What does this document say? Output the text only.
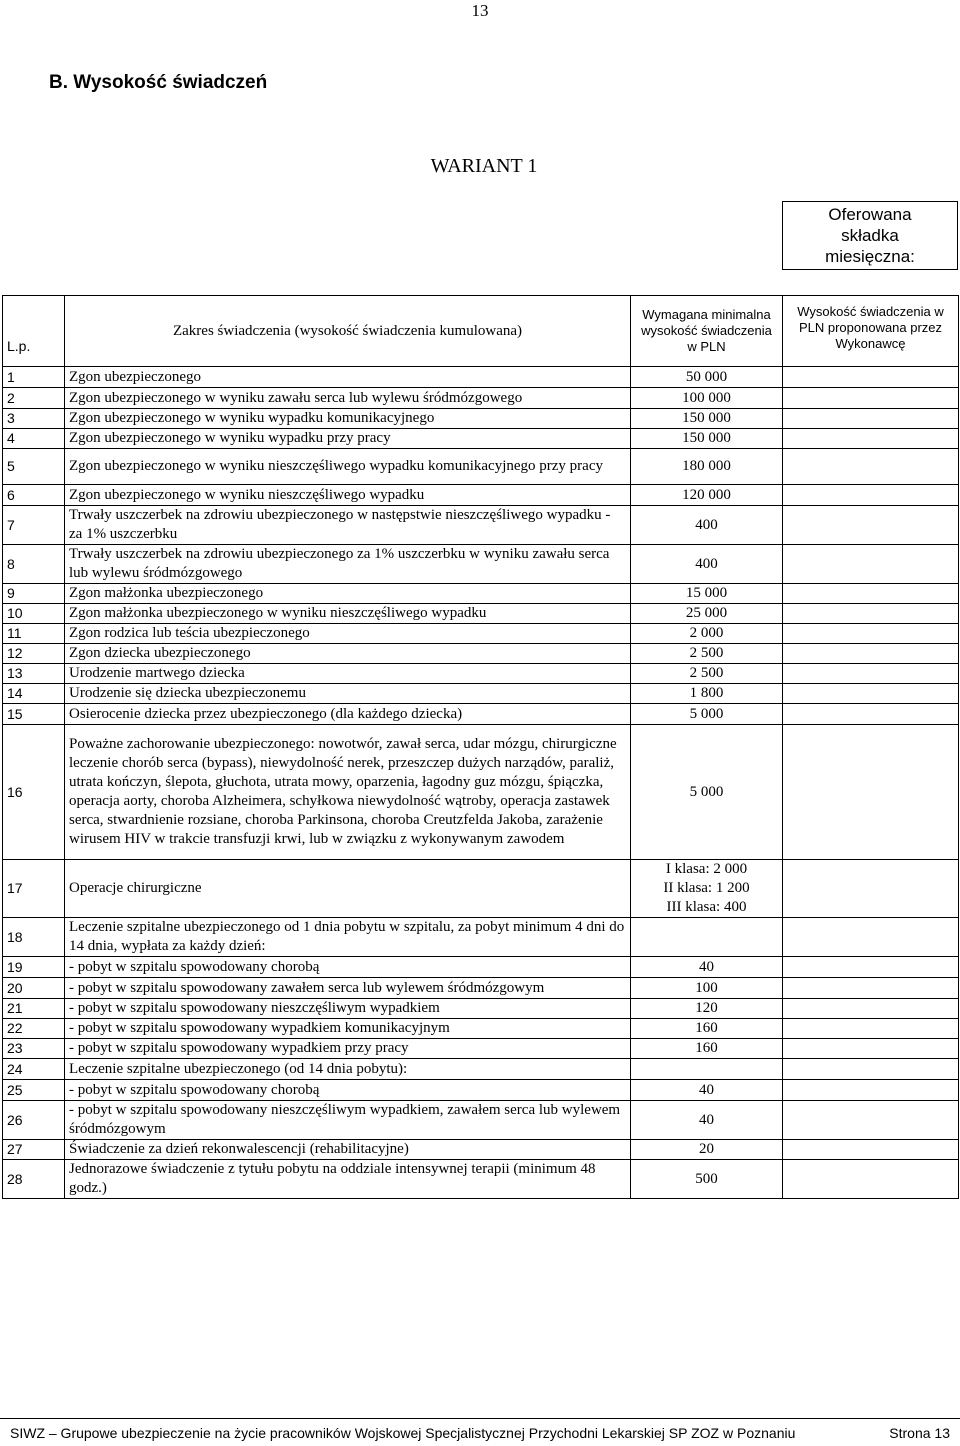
13
B. Wysokość świadczeń
WARIANT 1
Oferowana składka miesięczna:
L.p.	Zakres świadczenia (wysokość świadczenia kumulowana)	Wymagana minimalna wysokość świadczenia w PLN	Wysokość świadczenia w PLN proponowana przez Wykonawcę
1	Zgon ubezpieczonego	50 000	
2	Zgon ubezpieczonego w wyniku zawału serca lub wylewu śródmózgowego	100 000	
3	Zgon ubezpieczonego w wyniku wypadku komunikacyjnego	150 000	
4	Zgon ubezpieczonego w wyniku wypadku przy pracy	150 000	
5	Zgon ubezpieczonego w wyniku nieszczęśliwego wypadku komunikacyjnego przy pracy	180 000	
6	Zgon ubezpieczonego w wyniku nieszczęśliwego wypadku	120 000	
7	Trwały uszczerbek na zdrowiu ubezpieczonego w następstwie nieszczęśliwego wypadku - za 1% uszczerbku	400	
8	Trwały uszczerbek na zdrowiu ubezpieczonego za 1% uszczerbku w wyniku zawału serca lub wylewu śródmózgowego	400	
9	Zgon małżonka ubezpieczonego	15 000	
10	Zgon małżonka ubezpieczonego w wyniku nieszczęśliwego wypadku	25 000	
11	Zgon rodzica lub teścia ubezpieczonego	2 000	
12	Zgon dziecka ubezpieczonego	2 500	
13	Urodzenie martwego dziecka	2 500	
14	Urodzenie się dziecka ubezpieczonemu	1 800	
15	Osierocenie dziecka przez ubezpieczonego (dla każdego dziecka)	5 000	
16	Poważne zachorowanie ubezpieczonego: nowotwór, zawał serca, udar mózgu, chirurgiczne leczenie chorób serca (bypass), niewydolność nerek, przeszczep dużych narządów, paraliż, utrata kończyn, ślepota, głuchota, utrata mowy, oparzenia, łagodny guz mózgu, śpiączka, operacja aorty, choroba Alzheimera, schyłkowa niewydolność wątroby, operacja zastawek serca, stwardnienie rozsiane, choroba Parkinsona, choroba Creutzfelda Jakoba, zarażenie wirusem HIV w trakcie transfuzji krwi, lub w związku z wykonywanym zawodem	5 000	
17	Operacje chirurgiczne	I klasa: 2 000
II klasa: 1 200
III klasa: 400	

18	Leczenie szpitalne ubezpieczonego od 1 dnia pobytu w szpitalu, za pobyt minimum 4 dni do 14 dnia, wypłata za każdy dzień:		
19	- pobyt w szpitalu spowodowany chorobą	40	
20	- pobyt w szpitalu spowodowany zawałem serca lub wylewem śródmózgowym	100	
21	- pobyt w szpitalu spowodowany nieszczęśliwym wypadkiem	120	
22	- pobyt w szpitalu spowodowany wypadkiem komunikacyjnym	160	
23	- pobyt w szpitalu spowodowany wypadkiem przy pracy	160	
24	Leczenie szpitalne ubezpieczonego (od 14 dnia pobytu):		
25	- pobyt w szpitalu spowodowany chorobą	40	
26	- pobyt w szpitalu spowodowany nieszczęśliwym wypadkiem, zawałem serca lub wylewem śródmózgowym	40	
27	Świadczenie za dzień rekonwalescencji (rehabilitacyjne)	20	
28	Jednorazowe świadczenie z tytułu pobytu na oddziale intensywnej terapii (minimum 48 godz.)	500	
SIWZ – Grupowe ubezpieczenie na życie pracowników Wojskowej Specjalistycznej Przychodni Lekarskiej SP ZOZ w Poznaniu	Strona 13
